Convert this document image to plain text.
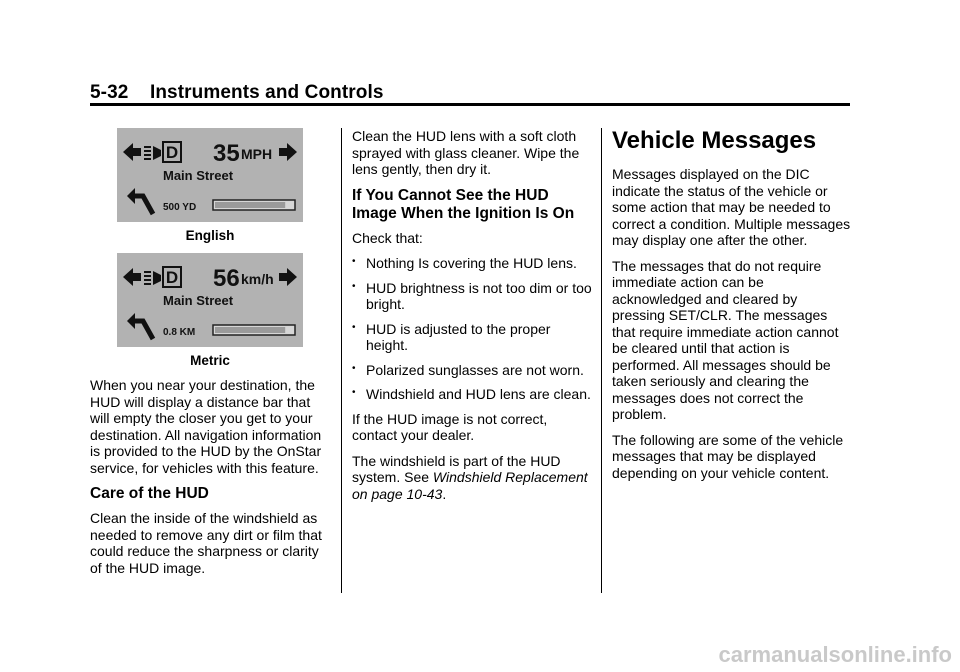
5-32 Instruments and Controls
D 35 MPH
Main Street
500 YD
English
D 56 km/h
Main Street
0.8 KM
Metric

When you near your destination, the HUD will display a distance bar that will empty the closer you get to your destination. All navigation information is provided to the HUD by the OnStar service, for vehicles with this feature.

Care of the HUD

Clean the inside of the windshield as needed to remove any dirt or film that could reduce the sharpness or clarity of the HUD image.

Clean the HUD lens with a soft cloth sprayed with glass cleaner. Wipe the lens gently, then dry it.

If You Cannot See the HUD Image When the Ignition Is On

Check that:

• Nothing Is covering the HUD lens.
• HUD brightness is not too dim or too bright.
• HUD is adjusted to the proper height.
• Polarized sunglasses are not worn.
• Windshield and HUD lens are clean.

If the HUD image is not correct, contact your dealer.

The windshield is part of the HUD system. See Windshield Replacement on page 10-43.

Vehicle Messages

Messages displayed on the DIC indicate the status of the vehicle or some action that may be needed to correct a condition. Multiple messages may display one after the other.

The messages that do not require immediate action can be acknowledged and cleared by pressing SET/CLR. The messages that require immediate action cannot be cleared until that action is performed. All messages should be taken seriously and clearing the messages does not correct the problem.

The following are some of the vehicle messages that may be displayed depending on your vehicle content.

carmanualsonline.info
